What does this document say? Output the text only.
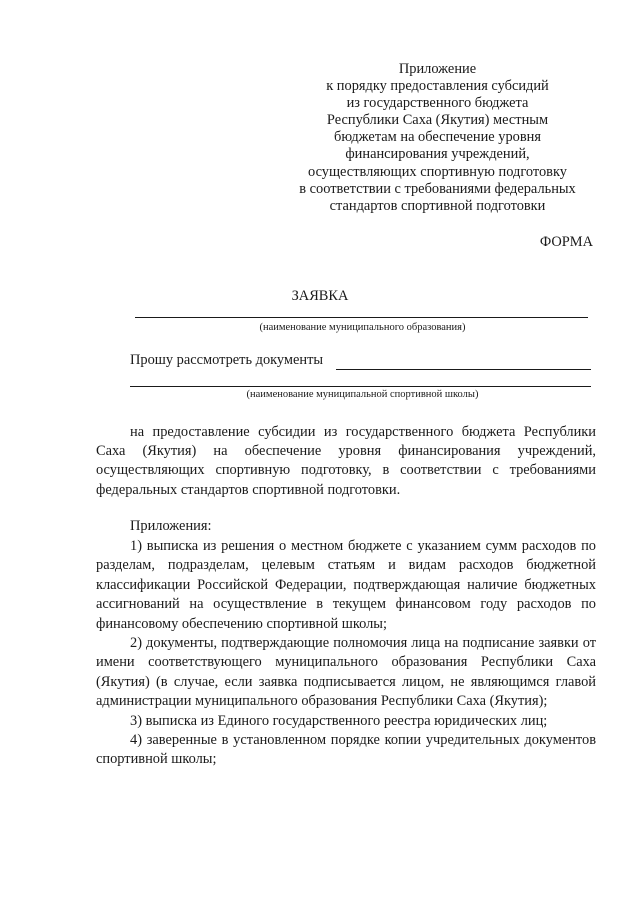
Приложение
к порядку предоставления субсидий
из государственного бюджета
Республики Саха (Якутия) местным
бюджетам на обеспечение уровня
финансирования учреждений,
осуществляющих спортивную подготовку
в соответствии с требованиями федеральных
стандартов спортивной подготовки
ФОРМА
ЗАЯВКА
(наименование муниципального образования)
Прошу рассмотреть документы
(наименование муниципальной спортивной школы)

на предоставление субсидии из государственного бюджета Республики Саха (Якутия) на обеспечение уровня финансирования учреждений, осуществляющих спортивную подготовку, в соответствии с требованиями федеральных стандартов спортивной подготовки.

Приложения:

1) выписка из решения о местном бюджете с указанием сумм расходов по разделам, подразделам, целевым статьям и видам расходов бюджетной классификации Российской Федерации, подтверждающая наличие бюджетных ассигнований на осуществление в текущем финансовом году расходов по финансовому обеспечению спортивной школы;

2) документы, подтверждающие полномочия лица на подписание заявки от имени соответствующего муниципального образования Республики Саха (Якутия) (в случае, если заявка подписывается лицом, не являющимся главой администрации муниципального образования Республики Саха (Якутия);

3) выписка из Единого государственного реестра юридических лиц;

4) заверенные в установленном порядке копии учредительных документов спортивной школы;
